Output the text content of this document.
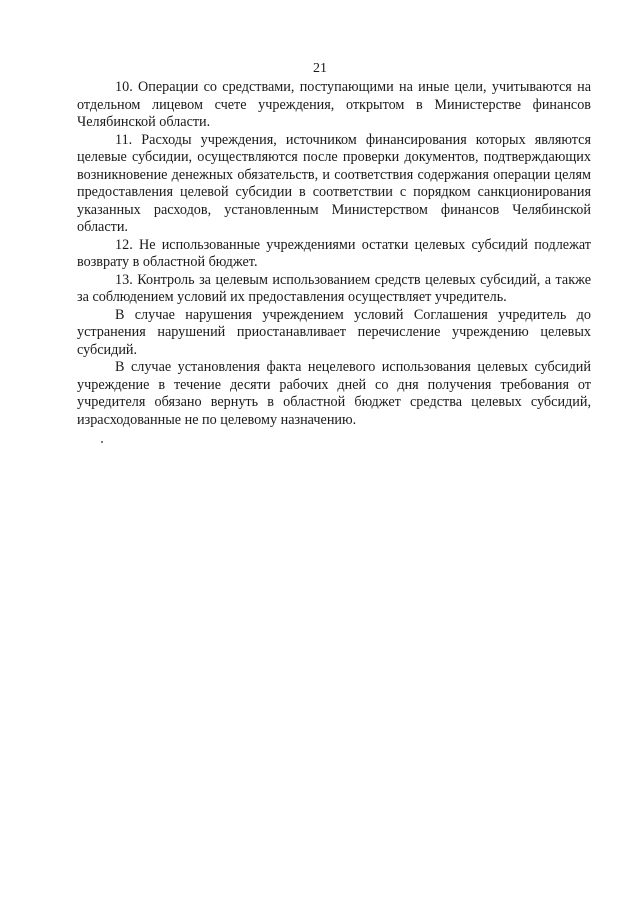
21

10. Операции со средствами, поступающими на иные цели, учитываются на отдельном лицевом счете учреждения, открытом в Министерстве финансов Челябинской области.

11. Расходы учреждения, источником финансирования которых являются целевые субсидии, осуществляются после проверки документов, подтверждающих возникновение денежных обязательств, и соответствия содержания операции целям предоставления целевой субсидии в соответствии с порядком санкционирования указанных расходов, установленным Министерством финансов Челябинской области.

12. Не использованные учреждениями остатки целевых субсидий подлежат возврату в областной бюджет.

13. Контроль за целевым использованием средств целевых субсидий, а также за соблюдением условий их предоставления осуществляет учредитель.

В случае нарушения учреждением условий Соглашения учредитель до устранения нарушений приостанавливает перечисление учреждению целевых субсидий.

В случае установления факта нецелевого использования целевых субсидий учреждение в течение десяти рабочих дней со дня получения требования от учредителя обязано вернуть в областной бюджет средства целевых субсидий, израсходованные не по целевому назначению.
